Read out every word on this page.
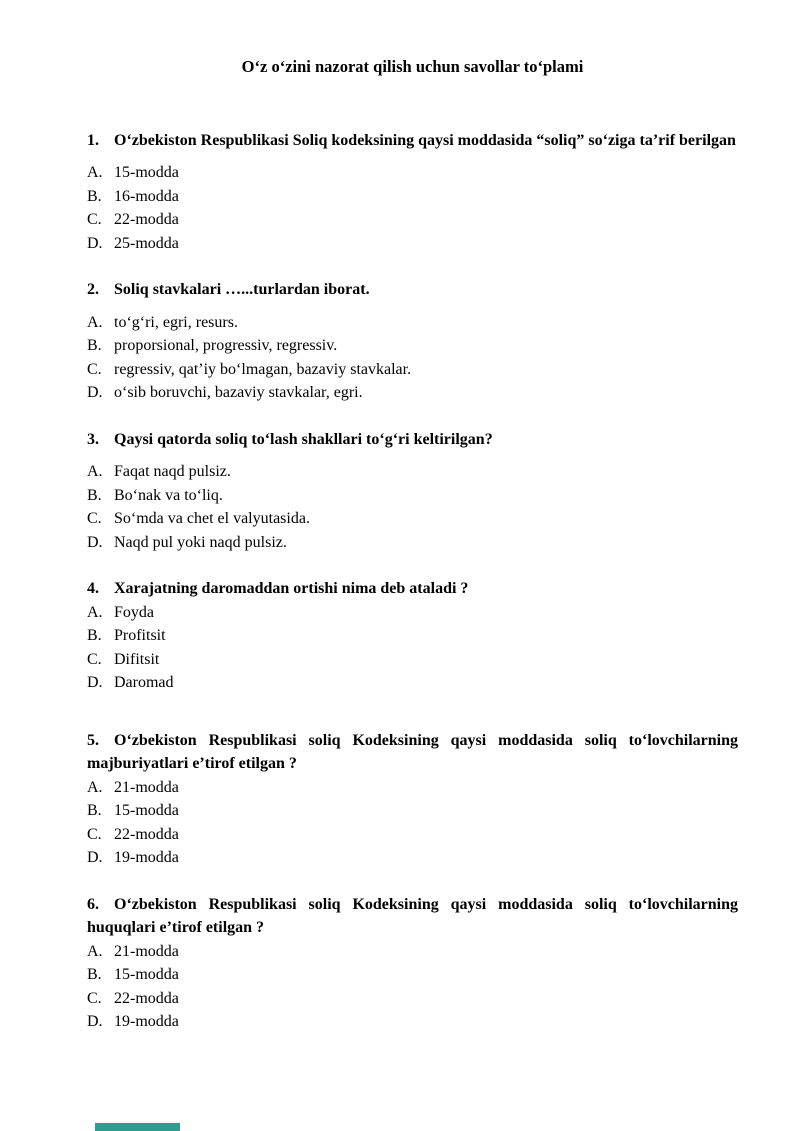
O‘z o‘zini nazorat qilish uchun savollar to‘plami

1. O‘zbekiston Respublikasi Soliq kodeksining qaysi moddasida “soliq” so‘ziga ta’rif berilgan

A. 15-modda
B. 16-modda
C. 22-modda
D. 25-modda

2. Soliq stavkalari …...turlardan iborat.

A. to‘g‘ri, egri, resurs.
B. proporsional, progressiv, regressiv.
C. regressiv, qat’iy bo‘lmagan, bazaviy stavkalar.
D. o‘sib boruvchi, bazaviy stavkalar, egri.

3. Qaysi qatorda soliq to‘lash shakllari to‘g‘ri keltirilgan?

A. Faqat naqd pulsiz.
B. Bo‘nak va to‘liq.
C. So‘mda va chet el valyutasida.
D. Naqd pul yoki naqd pulsiz.

4. Xarajatning daromaddan ortishi nima deb ataladi ?

A. Foyda
B. Profitsit
C. Difitsit
D. Daromad

5. O‘zbekiston Respublikasi soliq Kodeksining qaysi moddasida soliq to‘lovchilarning majburiyatlari e’tirof etilgan ?

A. 21-modda
B. 15-modda
C. 22-modda
D. 19-modda

6. O‘zbekiston Respublikasi soliq Kodeksining qaysi moddasida soliq to‘lovchilarning huquqlari e’tirof etilgan ?

A. 21-modda
B. 15-modda
C. 22-modda
D. 19-modda
